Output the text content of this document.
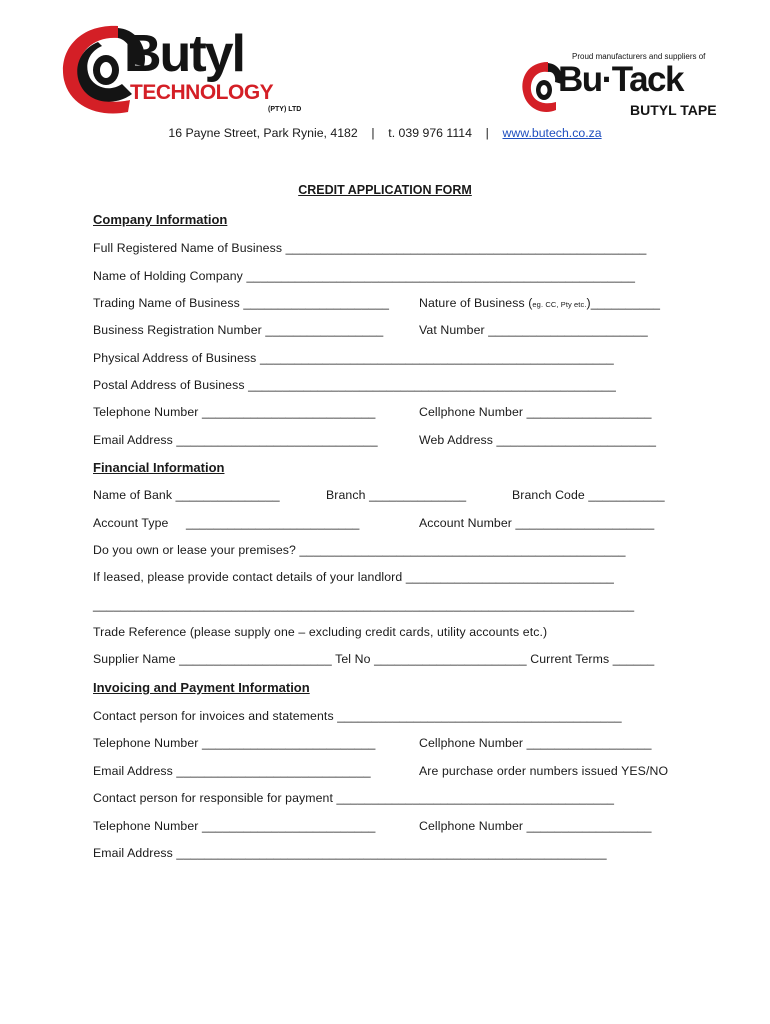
Butyl
TECHNOLOGY
(PTY) LTD
Proud manufacturers and suppliers of
Bu·Tack
BUTYL TAPE
16 Payne Street, Park Rynie, 4182 | t. 039 976 1114 | www.butech.co.za
CREDIT APPLICATION FORM
Company Information
Full Registered Name of Business ____________________________________________________
Name of Holding Company ________________________________________________________
Trading Name of Business _____________________ Nature of Business (eg. CC, Pty etc.)__________
Business Registration Number _________________	Vat Number _______________________
Physical Address of Business ___________________________________________________
Postal Address of Business _____________________________________________________
Telephone Number _________________________	Cellphone Number __________________
Email Address _____________________________	Web Address _______________________
Financial Information
Name of Bank _______________	Branch ______________	Branch Code ___________
Account Type _________________________	Account Number ____________________
Do you own or lease your premises? _______________________________________________
If leased, please provide contact details of your landlord ______________________________
______________________________________________________________________________
Trade Reference (please supply one – excluding credit cards, utility accounts etc.)
Supplier Name ______________________ Tel No ______________________ Current Terms ______
Invoicing and Payment Information
Contact person for invoices and statements _________________________________________
Telephone Number _________________________	Cellphone Number __________________
Email Address ____________________________	Are purchase order numbers issued YES/NO
Contact person for responsible for payment ________________________________________
Telephone Number _________________________	Cellphone Number __________________
Email Address ______________________________________________________________
